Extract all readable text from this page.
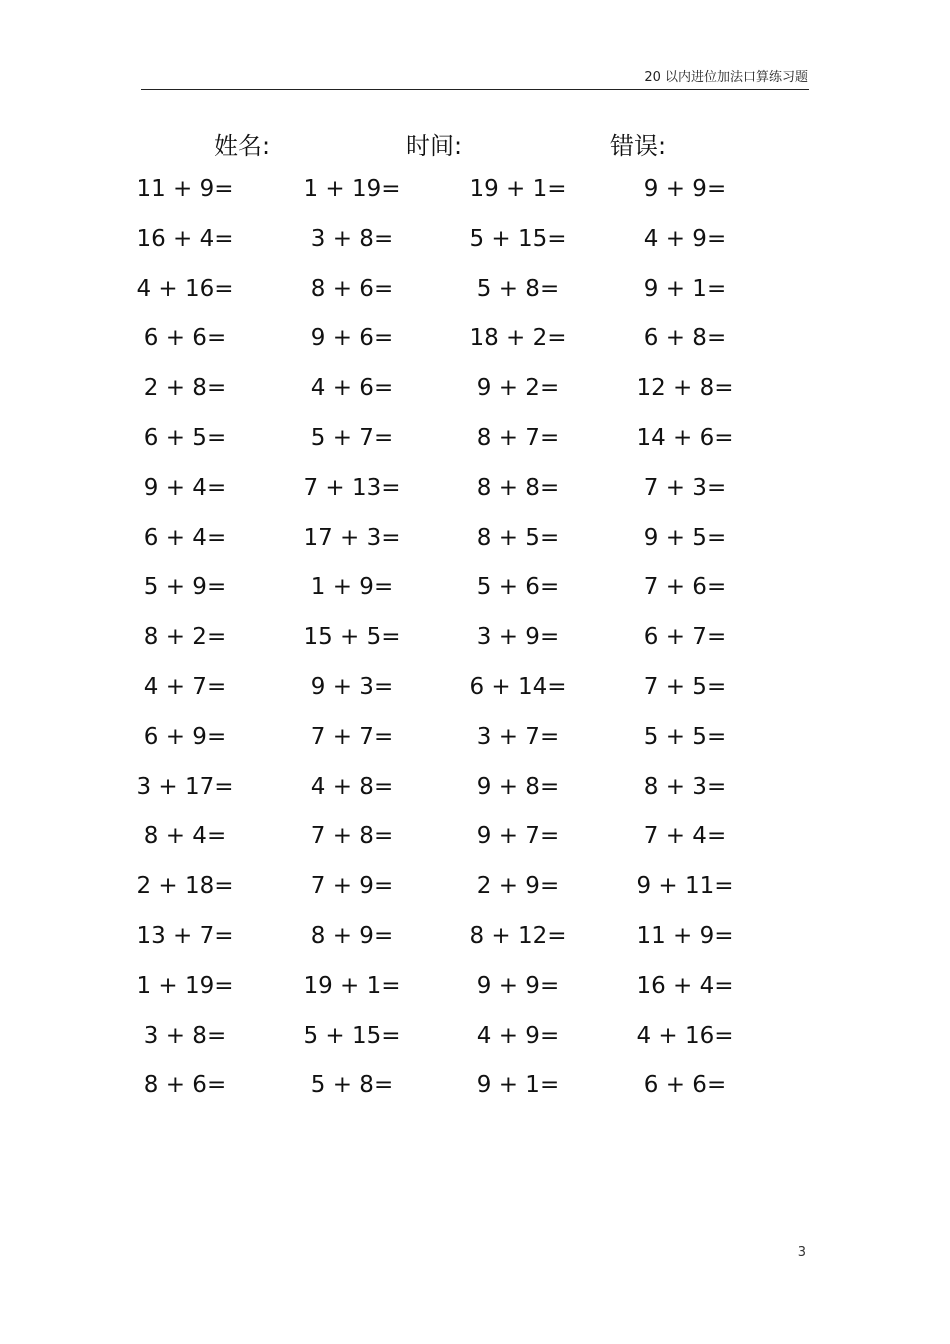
20 以内进位加法口算练习题
姓名:	时间:	错误:
11 + 9=	1 + 19=	19 + 1=	9 + 9=
16 + 4=	3 + 8=	5 + 15=	4 + 9=
4 + 16=	8 + 6=	5 + 8=	9 + 1=
6 + 6=	9 + 6=	18 + 2=	6 + 8=
2 + 8=	4 + 6=	9 + 2=	12 + 8=
6 + 5=	5 + 7=	8 + 7=	14 + 6=
9 + 4=	7 + 13=	8 + 8=	7 + 3=
6 + 4=	17 + 3=	8 + 5=	9 + 5=
5 + 9=	1 + 9=	5 + 6=	7 + 6=
8 + 2=	15 + 5=	3 + 9=	6 + 7=
4 + 7=	9 + 3=	6 + 14=	7 + 5=
6 + 9=	7 + 7=	3 + 7=	5 + 5=
3 + 17=	4 + 8=	9 + 8=	8 + 3=
8 + 4=	7 + 8=	9 + 7=	7 + 4=
2 + 18=	7 + 9=	2 + 9=	9 + 11=
13 + 7=	8 + 9=	8 + 12=	11 + 9=
1 + 19=	19 + 1=	9 + 9=	16 + 4=
3 + 8=	5 + 15=	4 + 9=	4 + 16=
8 + 6=	5 + 8=	9 + 1=	6 + 6=
3
